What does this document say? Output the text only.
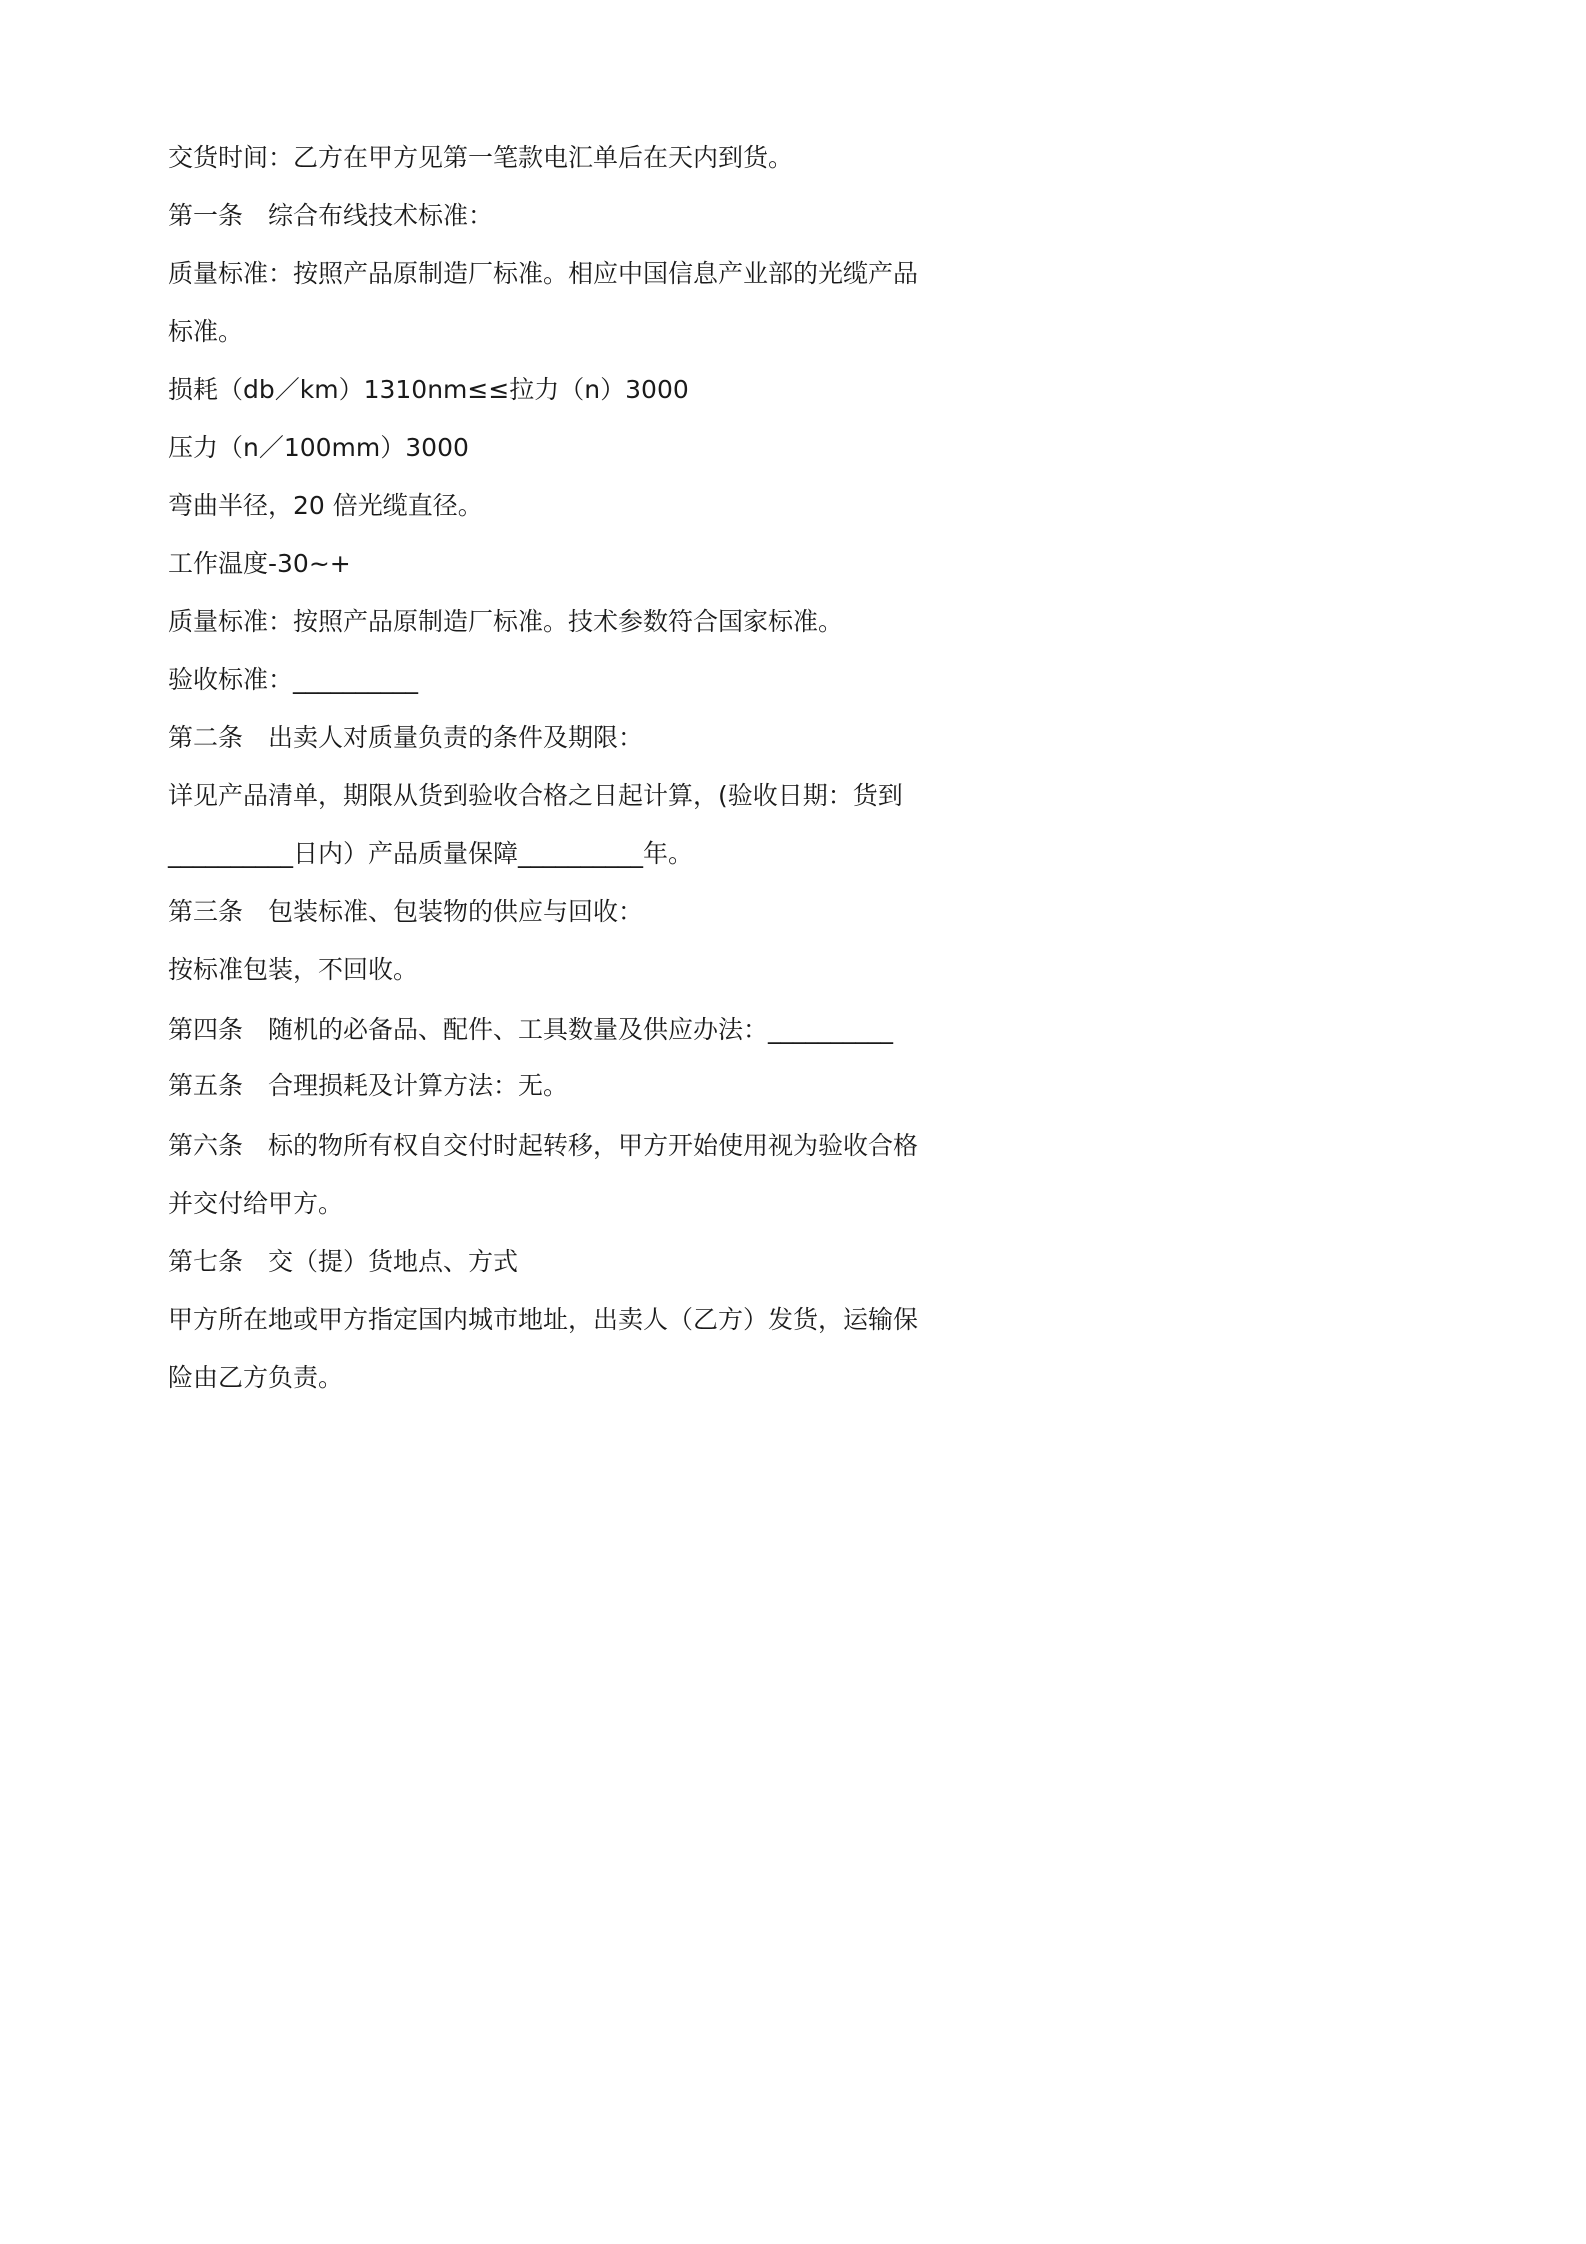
交货时间：乙方在甲方见第一笔款电汇单后在天内到货。
第一条　综合布线技术标准：
质量标准：按照产品原制造厂标准。相应中国信息产业部的光缆产品
标准。
损耗（db／km）1310nm≤≤拉力（n）3000
压力（n／100mm）3000
弯曲半径，20 倍光缆直径。
工作温度-30~+
质量标准：按照产品原制造厂标准。技术参数符合国家标准。
验收标准：__________
第二条　出卖人对质量负责的条件及期限：
详见产品清单，期限从货到验收合格之日起计算，(验收日期：货到
__________日内）产品质量保障__________年。
第三条　包装标准、包装物的供应与回收：
按标准包装，不回收。
第四条　随机的必备品、配件、工具数量及供应办法：__________
第五条　合理损耗及计算方法：无。
第六条　标的物所有权自交付时起转移，甲方开始使用视为验收合格
并交付给甲方。
第七条　交（提）货地点、方式
甲方所在地或甲方指定国内城市地址，出卖人（乙方）发货，运输保
险由乙方负责。
